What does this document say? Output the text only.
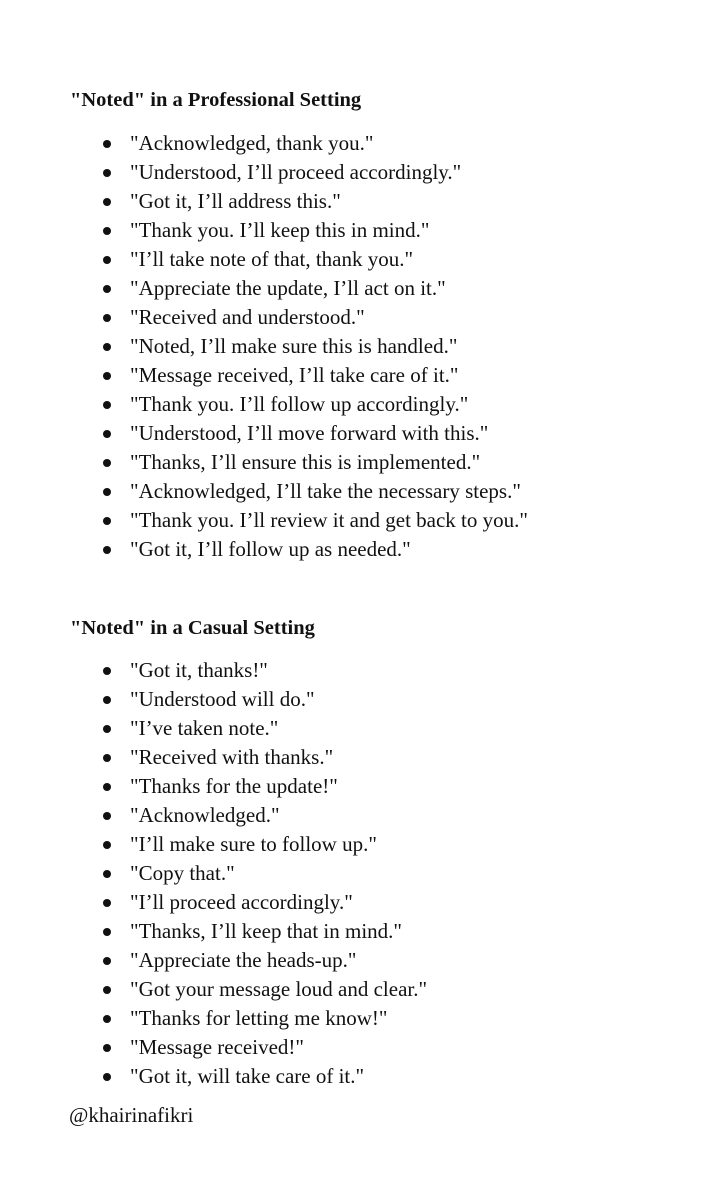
"Noted" in a Professional Setting
"Acknowledged, thank you."
"Understood, I’ll proceed accordingly."
"Got it, I’ll address this."
"Thank you. I’ll keep this in mind."
"I’ll take note of that, thank you."
"Appreciate the update, I’ll act on it."
"Received and understood."
"Noted, I’ll make sure this is handled."
"Message received, I’ll take care of it."
"Thank you. I’ll follow up accordingly."
"Understood, I’ll move forward with this."
"Thanks, I’ll ensure this is implemented."
"Acknowledged, I’ll take the necessary steps."
"Thank you. I’ll review it and get back to you."
"Got it, I’ll follow up as needed."
"Noted" in a Casual Setting
"Got it, thanks!"
"Understood will do."
"I’ve taken note."
"Received with thanks."
"Thanks for the update!"
"Acknowledged."
"I’ll make sure to follow up."
"Copy that."
"I’ll proceed accordingly."
"Thanks, I’ll keep that in mind."
"Appreciate the heads-up."
"Got your message loud and clear."
"Thanks for letting me know!"
"Message received!"
"Got it, will take care of it."
@khairinafikri
